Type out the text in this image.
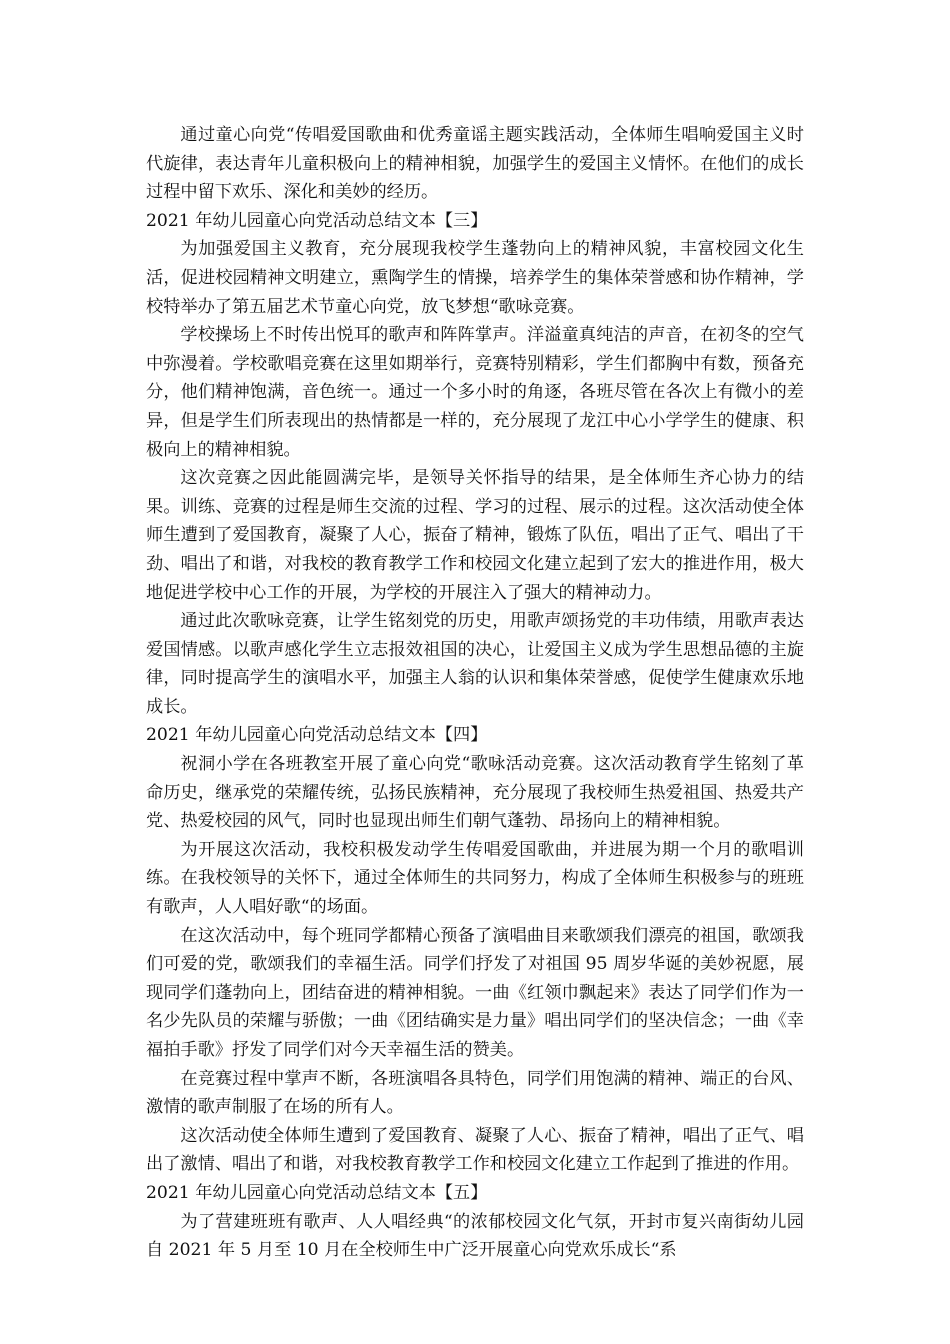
通过童心向党“传唱爱国歌曲和优秀童谣主题实践活动，全体师生唱响爱国主义时代旋律，表达青年儿童积极向上的精神相貌，加强学生的爱国主义情怀。在他们的成长过程中留下欢乐、深化和美妙的经历。

2021 年幼儿园童心向党活动总结文本【三】

为加强爱国主义教育，充分展现我校学生蓬勃向上的精神风貌，丰富校园文化生活，促进校园精神文明建立，熏陶学生的情操，培养学生的集体荣誉感和协作精神，学校特举办了第五届艺术节童心向党，放飞梦想“歌咏竞赛。

学校操场上不时传出悦耳的歌声和阵阵掌声。洋溢童真纯洁的声音，在初冬的空气中弥漫着。学校歌唱竞赛在这里如期举行，竞赛特别精彩，学生们都胸中有数，预备充分，他们精神饱满，音色统一。通过一个多小时的角逐，各班尽管在各次上有微小的差异，但是学生们所表现出的热情都是一样的，充分展现了龙江中心小学学生的健康、积极向上的精神相貌。

这次竞赛之因此能圆满完毕，是领导关怀指导的结果，是全体师生齐心协力的结果。训练、竞赛的过程是师生交流的过程、学习的过程、展示的过程。这次活动使全体师生遭到了爱国教育，凝聚了人心，振奋了精神，锻炼了队伍，唱出了正气、唱出了干劲、唱出了和谐，对我校的教育教学工作和校园文化建立起到了宏大的推进作用，极大地促进学校中心工作的开展，为学校的开展注入了强大的精神动力。

通过此次歌咏竞赛，让学生铭刻党的历史，用歌声颂扬党的丰功伟绩，用歌声表达爱国情感。以歌声感化学生立志报效祖国的决心，让爱国主义成为学生思想品德的主旋律，同时提高学生的演唱水平，加强主人翁的认识和集体荣誉感，促使学生健康欢乐地成长。

2021 年幼儿园童心向党活动总结文本【四】

祝洞小学在各班教室开展了童心向党“歌咏活动竞赛。这次活动教育学生铭刻了革命历史，继承党的荣耀传统，弘扬民族精神，充分展现了我校师生热爱祖国、热爱共产党、热爱校园的风气，同时也显现出师生们朝气蓬勃、昂扬向上的精神相貌。

为开展这次活动，我校积极发动学生传唱爱国歌曲，并进展为期一个月的歌唱训练。在我校领导的关怀下，通过全体师生的共同努力，构成了全体师生积极参与的班班有歌声，人人唱好歌“的场面。

在这次活动中，每个班同学都精心预备了演唱曲目来歌颂我们漂亮的祖国，歌颂我们可爱的党，歌颂我们的幸福生活。同学们抒发了对祖国 95 周岁华诞的美妙祝愿，展现同学们蓬勃向上，团结奋进的精神相貌。一曲《红领巾飘起来》表达了同学们作为一名少先队员的荣耀与骄傲；一曲《团结确实是力量》唱出同学们的坚决信念；一曲《幸福拍手歌》抒发了同学们对今天幸福生活的赞美。

在竞赛过程中掌声不断，各班演唱各具特色，同学们用饱满的精神、端正的台风、激情的歌声制服了在场的所有人。

这次活动使全体师生遭到了爱国教育、凝聚了人心、振奋了精神，唱出了正气、唱出了激情、唱出了和谐，对我校教育教学工作和校园文化建立工作起到了推进的作用。

2021 年幼儿园童心向党活动总结文本【五】

为了营建班班有歌声、人人唱经典“的浓郁校园文化气氛，开封市复兴南街幼儿园自 2021 年 5 月至 10 月在全校师生中广泛开展童心向党欢乐成长“系
